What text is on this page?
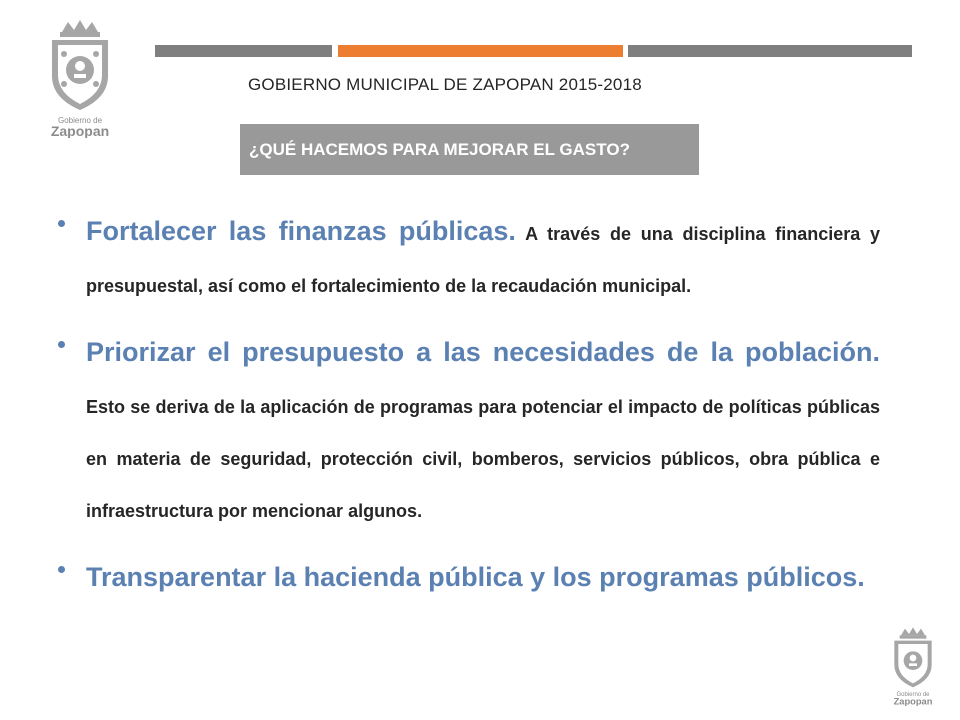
Gobierno de
Zapopan
GOBIERNO MUNICIPAL DE ZAPOPAN 2015-2018
¿QUÉ HACEMOS PARA MEJORAR EL GASTO?
Fortalecer las finanzas públicas. A través de una disciplina financiera y presupuestal, así como el fortalecimiento de la recaudación municipal.
Priorizar el presupuesto a las necesidades de la población. Esto se deriva de la aplicación de programas para potenciar el impacto de políticas públicas en materia de seguridad, protección civil, bomberos, servicios públicos, obra pública e infraestructura por mencionar algunos.
Transparentar la hacienda pública y los programas públicos.
Gobierno de
Zapopan
